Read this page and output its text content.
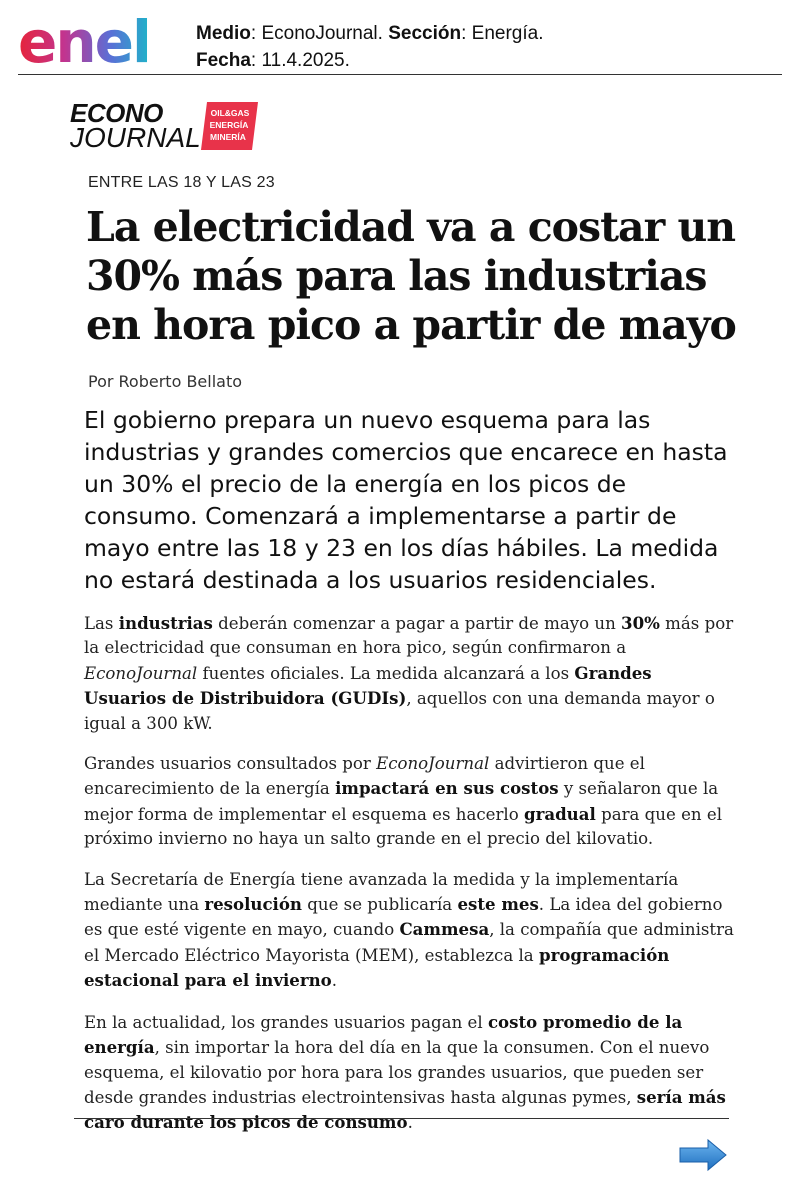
enel Medio: EconoJournal. Sección: Energía.
Fecha: 11.4.2025.
ECONO
JOURNAL
OIL&GAS
ENERGÍA
MINERÍA
ENTRE LAS 18 Y LAS 23
La electricidad va a costar un 30% más para las industrias en hora pico a partir de mayo
Por Roberto Bellato

El gobierno prepara un nuevo esquema para las industrias y grandes comercios que encarece en hasta un 30% el precio de la energía en los picos de consumo. Comenzará a implementarse a partir de mayo entre las 18 y 23 en los días hábiles. La medida no estará destinada a los usuarios residenciales.

Las industrias deberán comenzar a pagar a partir de mayo un 30% más por la electricidad que consuman en hora pico, según confirmaron a EconoJournal fuentes oficiales. La medida alcanzará a los Grandes Usuarios de Distribuidora (GUDIs), aquellos con una demanda mayor o igual a 300 kW.

Grandes usuarios consultados por EconoJournal advirtieron que el encarecimiento de la energía impactará en sus costos y señalaron que la mejor forma de implementar el esquema es hacerlo gradual para que en el próximo invierno no haya un salto grande en el precio del kilovatio.

La Secretaría de Energía tiene avanzada la medida y la implementaría mediante una resolución que se publicaría este mes. La idea del gobierno es que esté vigente en mayo, cuando Cammesa, la compañía que administra el Mercado Eléctrico Mayorista (MEM), establezca la programación estacional para el invierno.

En la actualidad, los grandes usuarios pagan el costo promedio de la energía, sin importar la hora del día en la que la consumen. Con el nuevo esquema, el kilovatio por hora para los grandes usuarios, que pueden ser desde grandes industrias electrointensivas hasta algunas pymes, sería más caro durante los picos de consumo.
